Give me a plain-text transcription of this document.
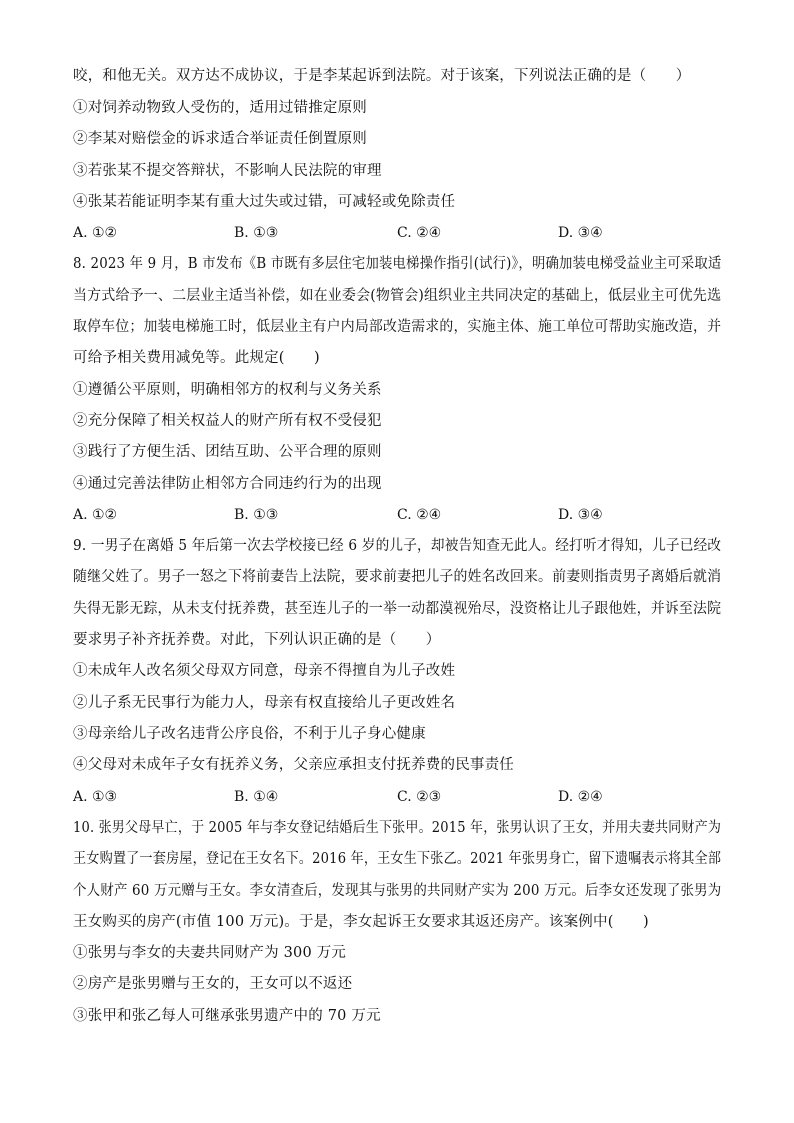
咬，和他无关。双方达不成协议，于是李某起诉到法院。对于该案，下列说法正确的是（　　）
①对饲养动物致人受伤的，适用过错推定原则
②李某对赔偿金的诉求适合举证责任倒置原则
③若张某不提交答辩状，不影响人民法院的审理
④张某若能证明李某有重大过失或过错，可减轻或免除责任
A. ①②	B. ①③	C. ②④	D. ③④
8. 2023 年 9 月，B 市发布《B 市既有多层住宅加装电梯操作指引(试行)》，明确加装电梯受益业主可采取适
当方式给予一、二层业主适当补偿，如在业委会(物管会)组织业主共同决定的基础上，低层业主可优先选
取停车位；加装电梯施工时，低层业主有户内局部改造需求的，实施主体、施工单位可帮助实施改造，并
可给予相关费用减免等。此规定(　　)
①遵循公平原则，明确相邻方的权利与义务关系
②充分保障了相关权益人的财产所有权不受侵犯
③践行了方便生活、团结互助、公平合理的原则
④通过完善法律防止相邻方合同违约行为的出现
A. ①②	B. ①③	C. ②④	D. ③④
9. 一男子在离婚 5 年后第一次去学校接已经 6 岁的儿子，却被告知查无此人。经打听才得知，儿子已经改
随继父姓了。男子一怒之下将前妻告上法院，要求前妻把儿子的姓名改回来。前妻则指责男子离婚后就消
失得无影无踪，从未支付抚养费，甚至连儿子的一举一动都漠视殆尽，没资格让儿子跟他姓，并诉至法院
要求男子补齐抚养费。对此，下列认识正确的是（　　）
①未成年人改名须父母双方同意，母亲不得擅自为儿子改姓
②儿子系无民事行为能力人，母亲有权直接给儿子更改姓名
③母亲给儿子改名违背公序良俗，不利于儿子身心健康
④父母对未成年子女有抚养义务，父亲应承担支付抚养费的民事责任
A. ①③	B. ①④	C. ②③	D. ②④
10. 张男父母早亡，于 2005 年与李女登记结婚后生下张甲。2015 年，张男认识了王女，并用夫妻共同财产为
王女购置了一套房屋，登记在王女名下。2016 年，王女生下张乙。2021 年张男身亡，留下遗嘱表示将其全部
个人财产 60 万元赠与王女。李女清查后，发现其与张男的共同财产实为 200 万元。后李女还发现了张男为
王女购买的房产(市值 100 万元)。于是，李女起诉王女要求其返还房产。该案例中(　　)
①张男与李女的夫妻共同财产为 300 万元
②房产是张男赠与王女的，王女可以不返还
③张甲和张乙每人可继承张男遗产中的 70 万元
